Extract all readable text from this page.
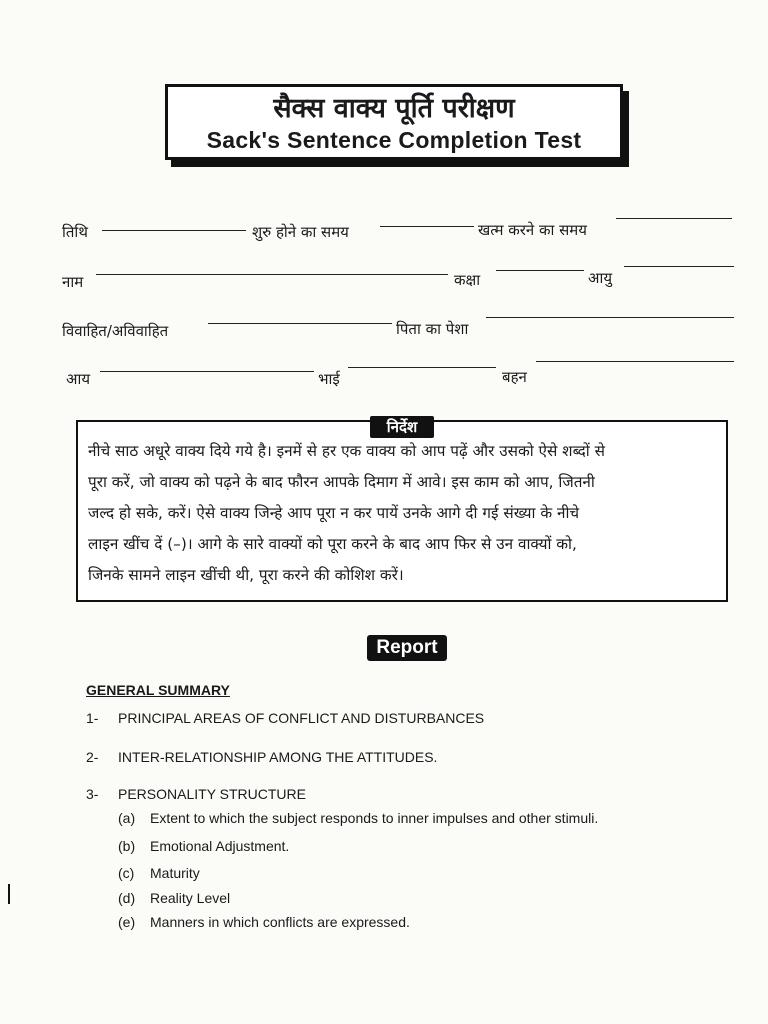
सैक्स वाक्य पूर्ति परीक्षण
Sack's Sentence Completion Test
तिथि	शुरु होने का समय	खत्म करने का समय
नाम	कक्षा	आयु
विवाहित/अविवाहित	पिता का पेशा
आय	भाई	बहन
निर्देश
नीचे साठ अधूरे वाक्य दिये गये है। इनमें से हर एक वाक्य को आप पढ़ें और उसको ऐसे शब्दों से
पूरा करें, जो वाक्य को पढ़ने के बाद फौरन आपके दिमाग में आवे। इस काम को आप, जितनी
जल्द हो सके, करें। ऐसे वाक्य जिन्हे आप पूरा न कर पायें उनके आगे दी गई संख्या के नीचे
लाइन खींच दें (–)। आगे के सारे वाक्यों को पूरा करने के बाद आप फिर से उन वाक्यों को,
जिनके सामने लाइन खींची थी, पूरा करने की कोशिश करें।
Report
GENERAL SUMMARY
1- PRINCIPAL AREAS OF CONFLICT AND DISTURBANCES
2- INTER-RELATIONSHIP AMONG THE ATTITUDES.
3- PERSONALITY STRUCTURE
(a) Extent to which the subject responds to inner impulses and other stimuli.
(b) Emotional Adjustment.
(c) Maturity
(d) Reality Level
(e) Manners in which conflicts are expressed.
